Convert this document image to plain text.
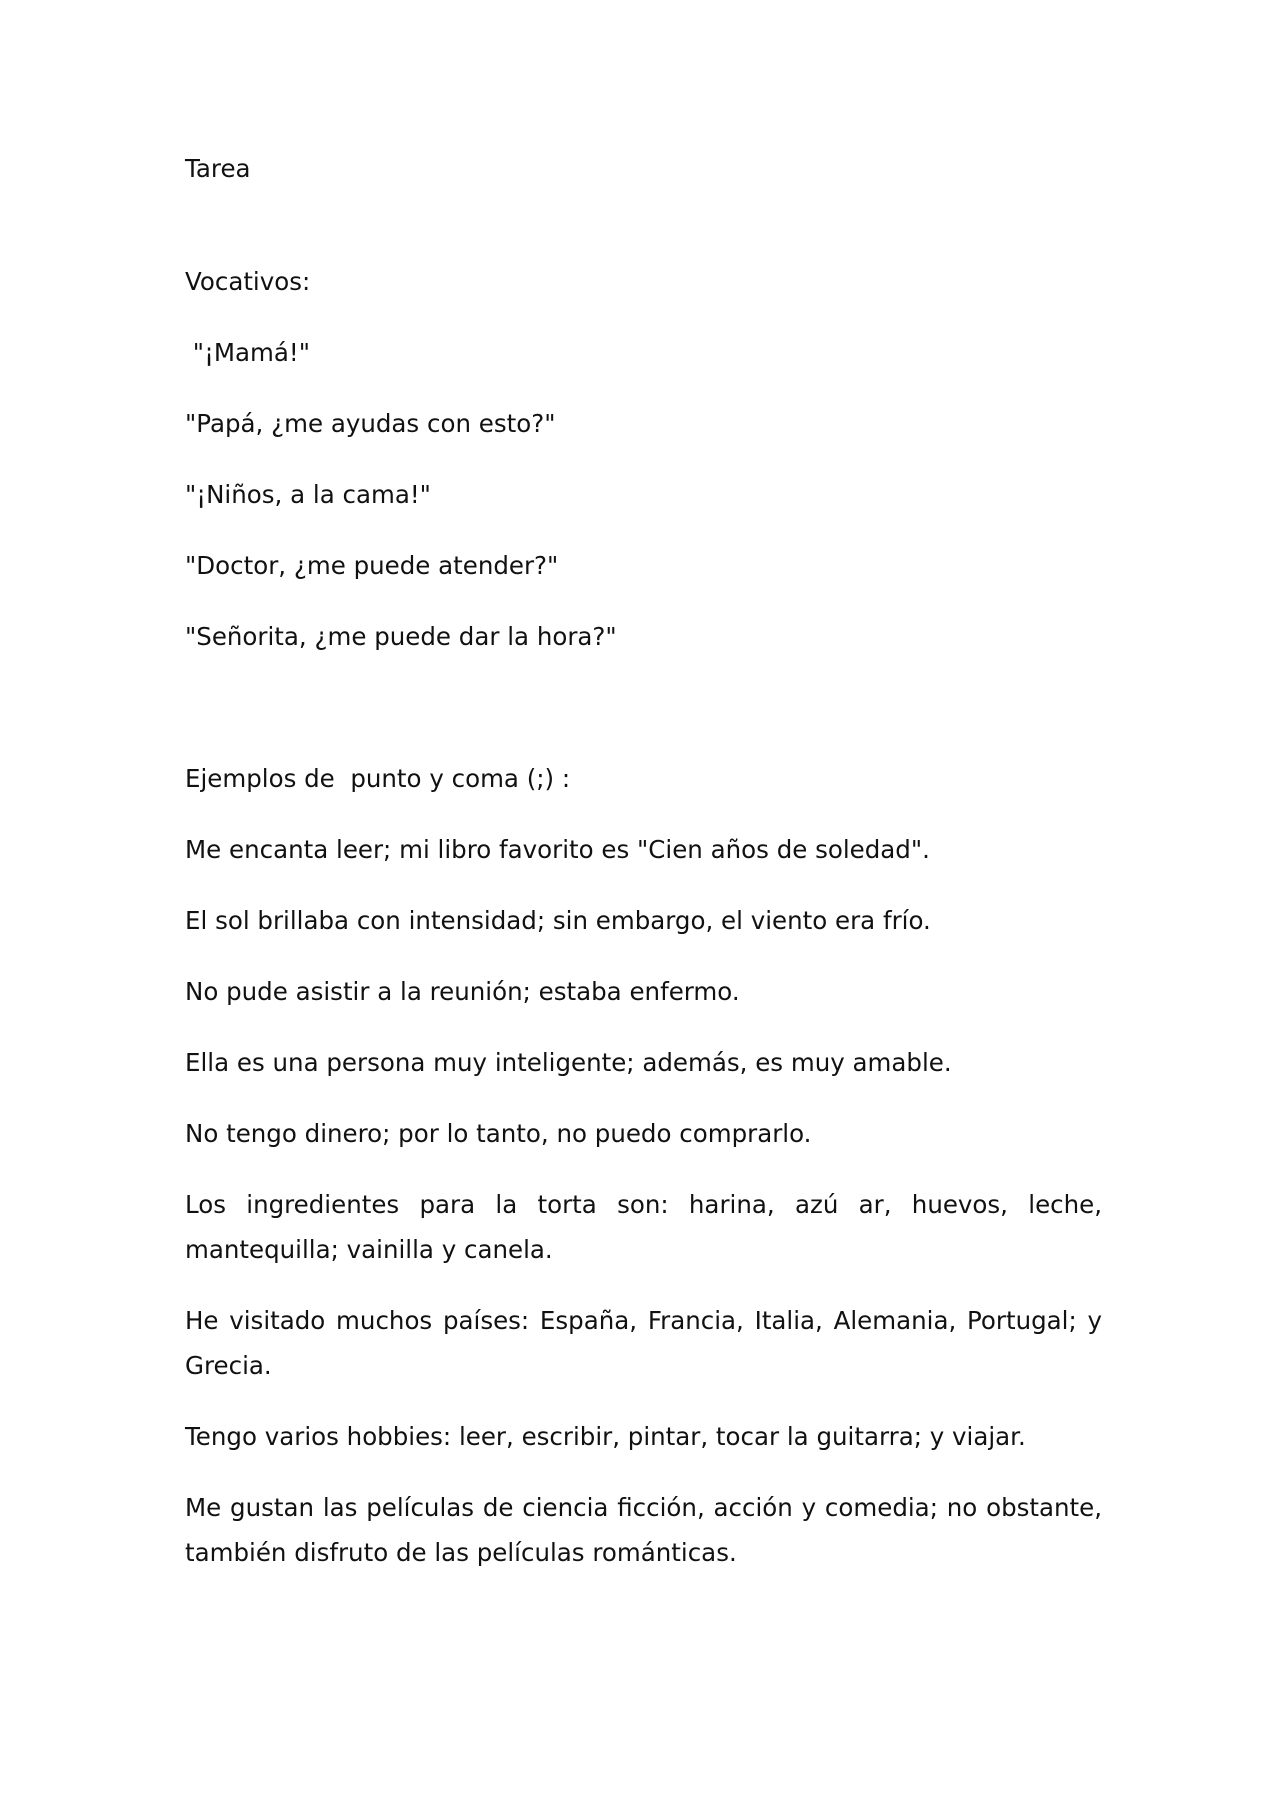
Tarea

Vocativos:

"¡Mamá!"

"Papá, ¿me ayudas con esto?"

"¡Niños, a la cama!"

"Doctor, ¿me puede atender?"

"Señorita, ¿me puede dar la hora?"

Ejemplos de  punto y coma (;) :

Me encanta leer; mi libro favorito es "Cien años de soledad".

El sol brillaba con intensidad; sin embargo, el viento era frío.

No pude asistir a la reunión; estaba enfermo.

Ella es una persona muy inteligente; además, es muy amable.

No tengo dinero; por lo tanto, no puedo comprarlo.

Los ingredientes para la torta son: harina, azú ar, huevos, leche, mantequilla; vainilla y canela.

He visitado muchos países: España, Francia, Italia, Alemania, Portugal; y Grecia.

Tengo varios hobbies: leer, escribir, pintar, tocar la guitarra; y viajar.

Me gustan las películas de ciencia ficción, acción y comedia; no obstante, también disfruto de las películas románticas.
